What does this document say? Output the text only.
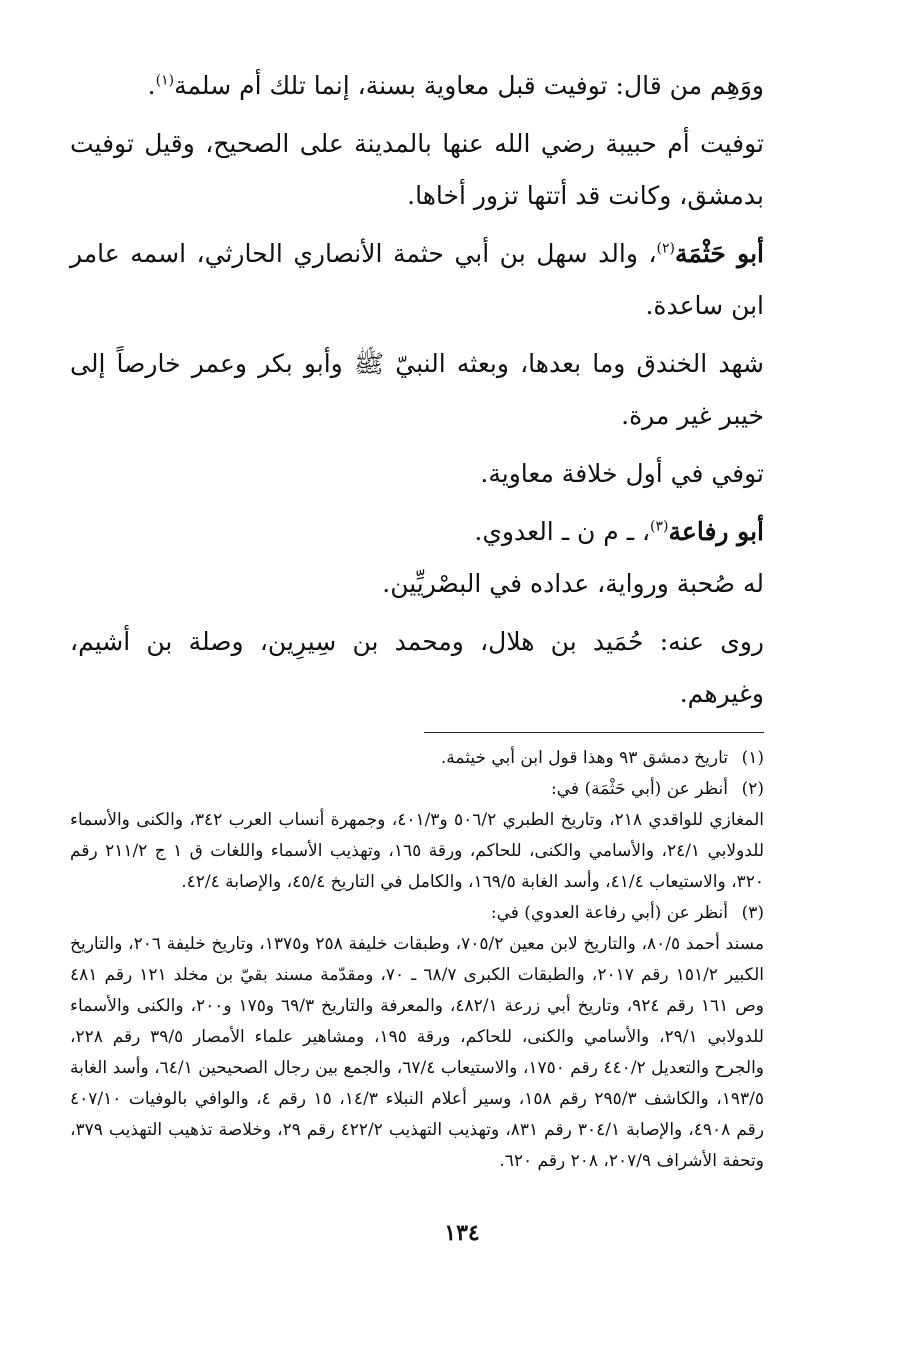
ووَهِم من قال: توفيت قبل معاوية بسنة، إنما تلك أم سلمة$^{(١)}$.

توفيت أم حبيبة رضي الله عنها بالمدينة على الصحيح، وقيل توفيت بدمشق، وكانت قد أتتها تزور أخاها.

أبو حَثْمَة$^{(٢)}$، والد سهل بن أبي حثمة الأنصاري الحارثي، اسمه عامر ابن ساعدة.

شهد الخندق وما بعدها، وبعثه النبيّ ﷺ وأبو بكر وعمر خارصاً إلى خيبر غير مرة.

توفي في أول خلافة معاوية.

أبو رفاعة$^{(٣)}$، ـ م ن ـ العدوي.

له صُحبة ورواية، عداده في البصْريِّين.

روى عنه: حُمَيد بن هلال، ومحمد بن سِيرِين، وصلة بن أشيم، وغيرهم.

(١)

تاريخ دمشق ٩٣ وهذا قول ابن أبي خيثمة.

(٢)

أنظر عن (أبي حَثْمَة) في:

المغازي للواقدي ٢١٨، وتاريخ الطبري ٥٠٦/٢ و٤٠١/٣، وجمهرة أنساب العرب ٣٤٢، والكنى والأسماء للدولابي ٢٤/١، والأسامي والكنى، للحاكم، ورقة ١٦٥، وتهذيب الأسماء واللغات ق ١ ج ٢١١/٢ رقم ٣٢٠، والاستيعاب ٤١/٤، وأسد الغابة ١٦٩/٥، والكامل في التاريخ ٤٥/٤، والإصابة ٤٢/٤.

(٣)

أنظر عن (أبي رفاعة العدوي) في:

مسند أحمد ٨٠/٥، والتاريخ لابن معين ٧٠٥/٢، وطبقات خليفة ٢٥٨ و١٣٧٥، وتاريخ خليفة ٢٠٦، والتاريخ الكبير ١٥١/٢ رقم ٢٠١٧، والطبقات الكبرى ٦٨/٧ ـ ٧٠، ومقدّمة مسند بقيّ بن مخلد ١٢١ رقم ٤٨١ وص ١٦١ رقم ٩٢٤، وتاريخ أبي زرعة ٤٨٢/١، والمعرفة والتاريخ ٦٩/٣ و١٧٥ و٢٠٠، والكنى والأسماء للدولابي ٢٩/١، والأسامي والكنى، للحاكم، ورقة ١٩٥، ومشاهير علماء الأمصار ٣٩/٥ رقم ٢٢٨، والجرح والتعديل ٤٤٠/٢ رقم ١٧٥٠، والاستيعاب ٦٧/٤، والجمع بين رجال الصحيحين ٦٤/١، وأسد الغابة ١٩٣/٥، والكاشف ٢٩٥/٣ رقم ١٥٨، وسير أعلام النبلاء ١٤/٣، ١٥ رقم ٤، والوافي بالوفيات ٤٠٧/١٠ رقم ٤٩٠٨، والإصابة ٣٠٤/١ رقم ٨٣١، وتهذيب التهذيب ٤٢٢/٢ رقم ٢٩، وخلاصة تذهيب التهذيب ٣٧٩، وتحفة الأشراف ٢٠٧/٩، ٢٠٨ رقم ٦٢٠.

١٣٤
